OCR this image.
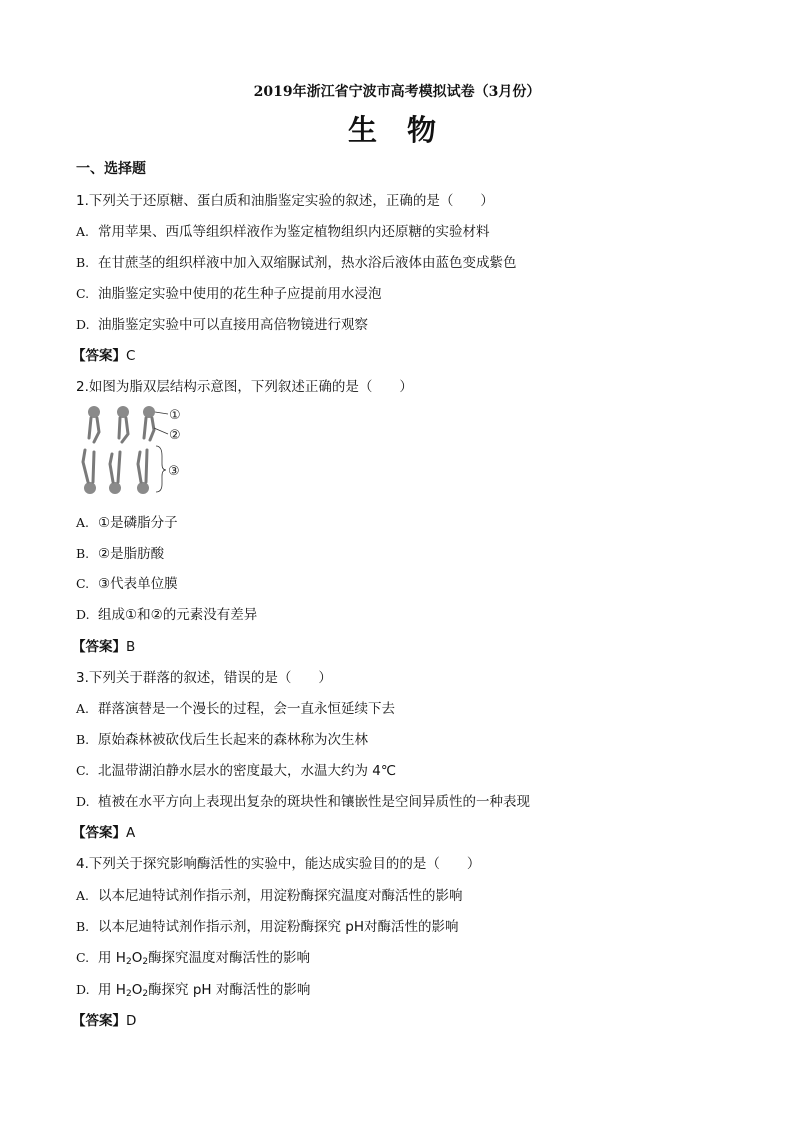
2019年浙江省宁波市高考模拟试卷（3月份）
生 物
一、选择题
1.下列关于还原糖、蛋白质和油脂鉴定实验的叙述，正确的是（　　）
A. 常用苹果、西瓜等组织样液作为鉴定植物组织内还原糖的实验材料
B. 在甘蔗茎的组织样液中加入双缩脲试剂，热水浴后液体由蓝色变成紫色
C. 油脂鉴定实验中使用的花生种子应提前用水浸泡
D. 油脂鉴定实验中可以直接用高倍物镜进行观察
【答案】C
2.如图为脂双层结构示意图，下列叙述正确的是（　　）
①
②
③
A. ①是磷脂分子
B. ②是脂肪酸
C. ③代表单位膜
D. 组成①和②的元素没有差异
【答案】B
3.下列关于群落的叙述，错误的是（　　）
A. 群落演替是一个漫长的过程，会一直永恒延续下去
B. 原始森林被砍伐后生长起来的森林称为次生林
C. 北温带湖泊静水层水的密度最大，水温大约为 4℃
D. 植被在水平方向上表现出复杂的斑块性和镶嵌性是空间异质性的一种表现
【答案】A
4.下列关于探究影响酶活性的实验中，能达成实验目的的是（　　）
A. 以本尼迪特试剂作指示剂，用淀粉酶探究温度对酶活性的影响
B. 以本尼迪特试剂作指示剂，用淀粉酶探究 pH对酶活性的影响
C. 用 $H_2O_2$酶探究温度对酶活性的影响
D. 用 $H_2O_2$酶探究 pH 对酶活性的影响
【答案】D
